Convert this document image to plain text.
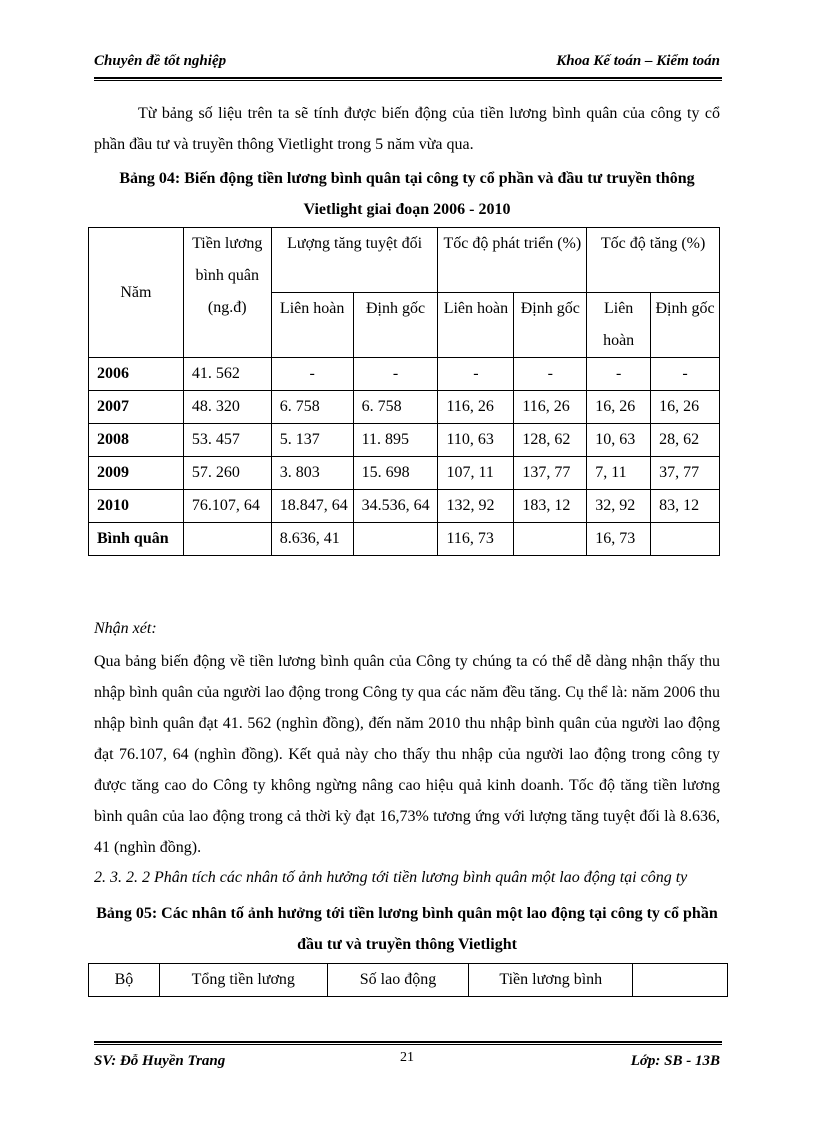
Chuyên đề tốt nghiệp	Khoa Kế toán – Kiểm toán
Từ bảng số liệu trên ta sẽ tính được biến động của tiền lương bình quân của công ty cổ phần đầu tư và truyền thông Vietlight trong 5 năm vừa qua.
Bảng 04: Biến động tiền lương bình quân tại công ty cổ phần và đầu tư truyền thông Vietlight giai đoạn 2006 - 2010
Năm	Tiền lương bình quân (ng.đ)	Lượng tăng tuyệt đối		Tốc độ phát triển (%)		Tốc độ tăng (%)	
		Liên hoàn	Định gốc	Liên hoàn	Định gốc	Liên hoàn	Định gốc
2006	41. 562	-	-	-	-	-	-
2007	48. 320	6. 758	6. 758	116, 26	116, 26	16, 26	16, 26
2008	53. 457	5. 137	11. 895	110, 63	128, 62	10, 63	28, 62
2009	57. 260	3. 803	15. 698	107, 11	137, 77	7, 11	37, 77
2010	76.107, 64	18.847, 64	34.536, 64	132, 92	183, 12	32, 92	83, 12
Bình quân		8.636, 41		116, 73		16, 73	
Nhận xét:
Qua bảng biến động về tiền lương bình quân của Công ty chúng ta có thể dễ dàng nhận thấy thu nhập bình quân của người lao động trong Công ty qua các năm đều tăng. Cụ thể là: năm 2006 thu nhập bình quân đạt 41. 562 (nghìn đồng), đến năm 2010 thu nhập bình quân của người lao động đạt 76.107, 64 (nghìn đồng). Kết quả này cho thấy thu nhập của người lao động trong công ty được tăng cao do Công ty không ngừng nâng cao hiệu quả kinh doanh. Tốc độ tăng tiền lương bình quân của lao động trong cả thời kỳ đạt 16,73% tương ứng với lượng tăng tuyệt đối là 8.636, 41 (nghìn đồng).
2. 3. 2. 2 Phân tích các nhân tố ảnh hưởng tới tiền lương bình quân một lao động tại công ty
Bảng 05: Các nhân tố ảnh hưởng tới tiền lương bình quân một lao động tại công ty cổ phần đầu tư và truyền thông Vietlight
Bộ	Tổng tiền lương	Số lao động	Tiền lương bình	
SV: Đỗ Huyền Trang	21	Lớp: SB - 13B
